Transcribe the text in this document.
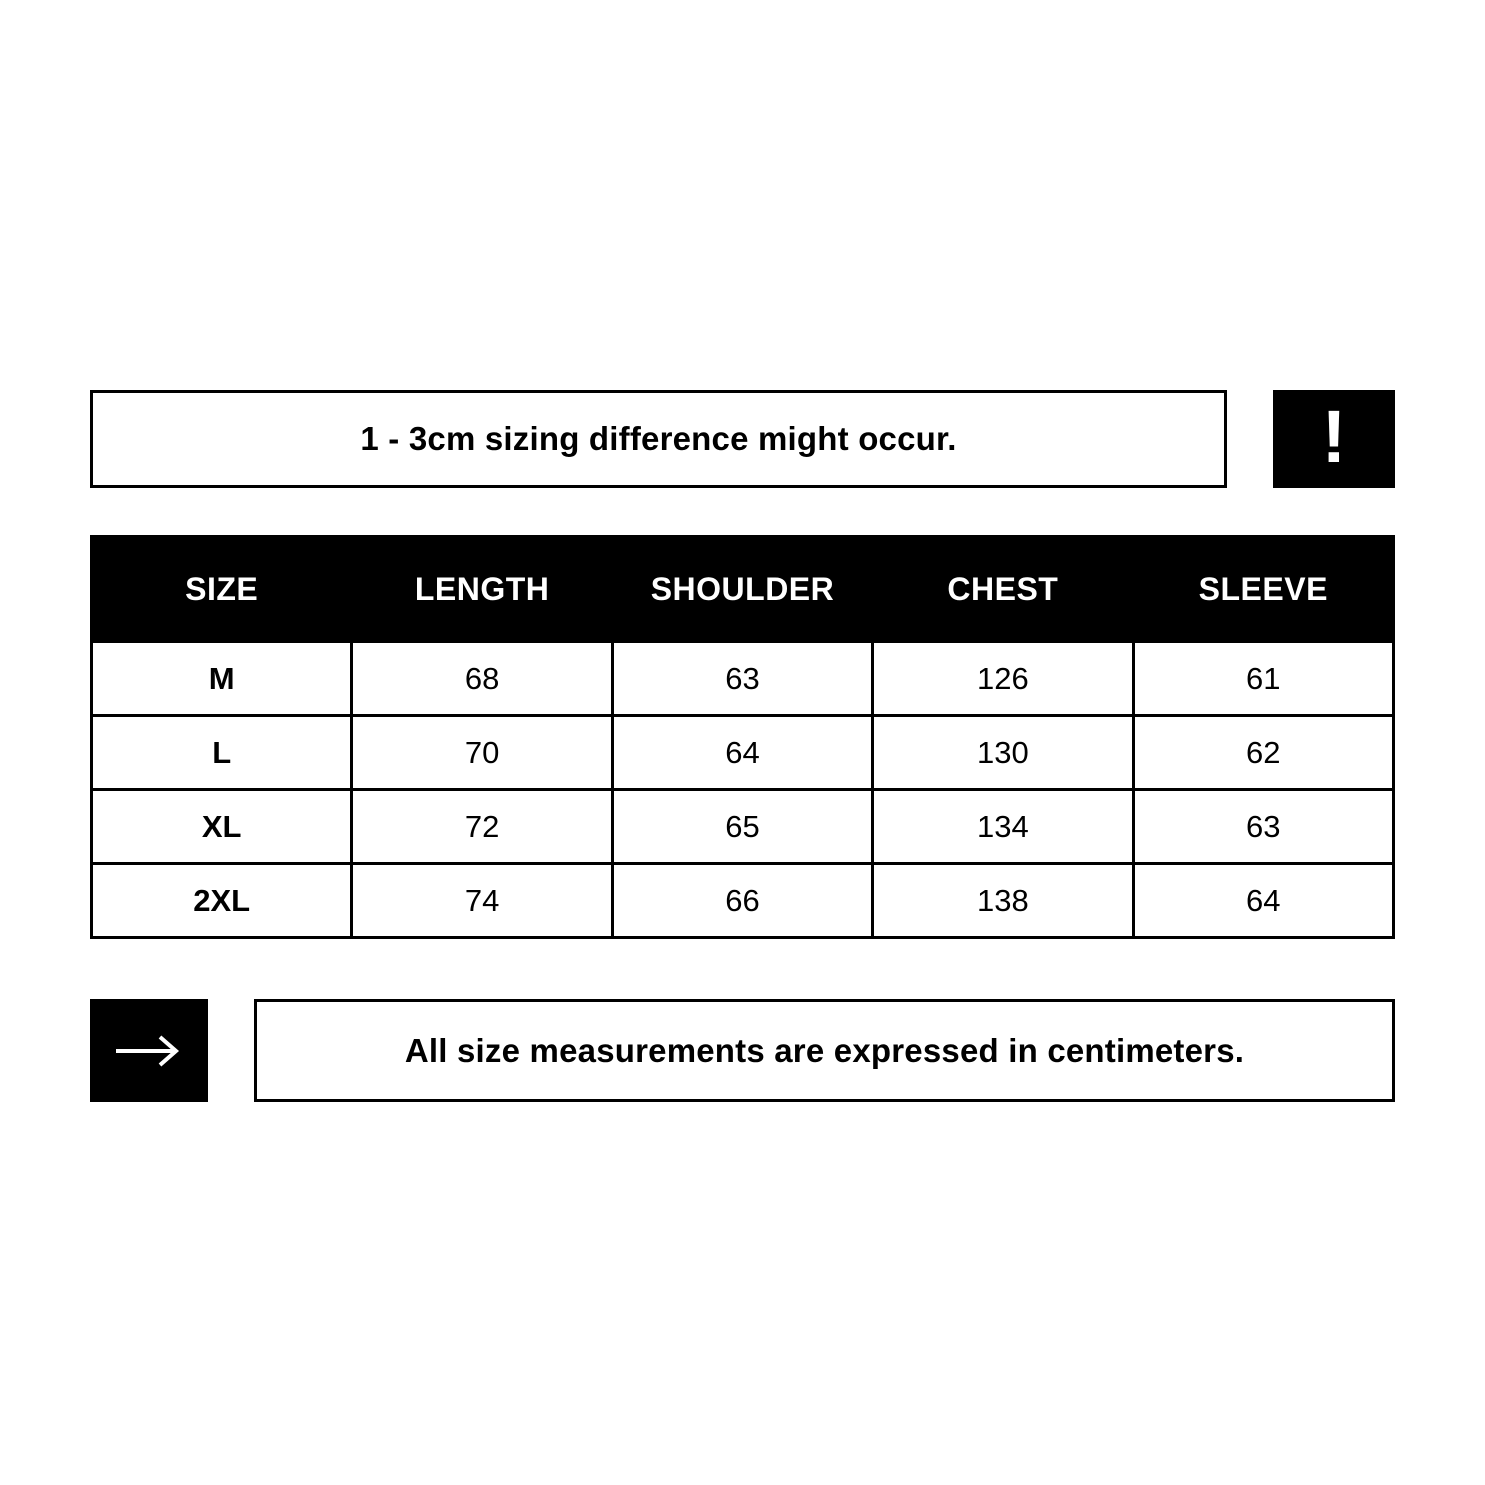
1 - 3cm sizing difference might occur.	!
SIZE	LENGTH	SHOULDER	CHEST	SLEEVE
M	68	63	126	61
L	70	64	130	62
XL	72	65	134	63
2XL	74	66	138	64
All size measurements are expressed in centimeters.
